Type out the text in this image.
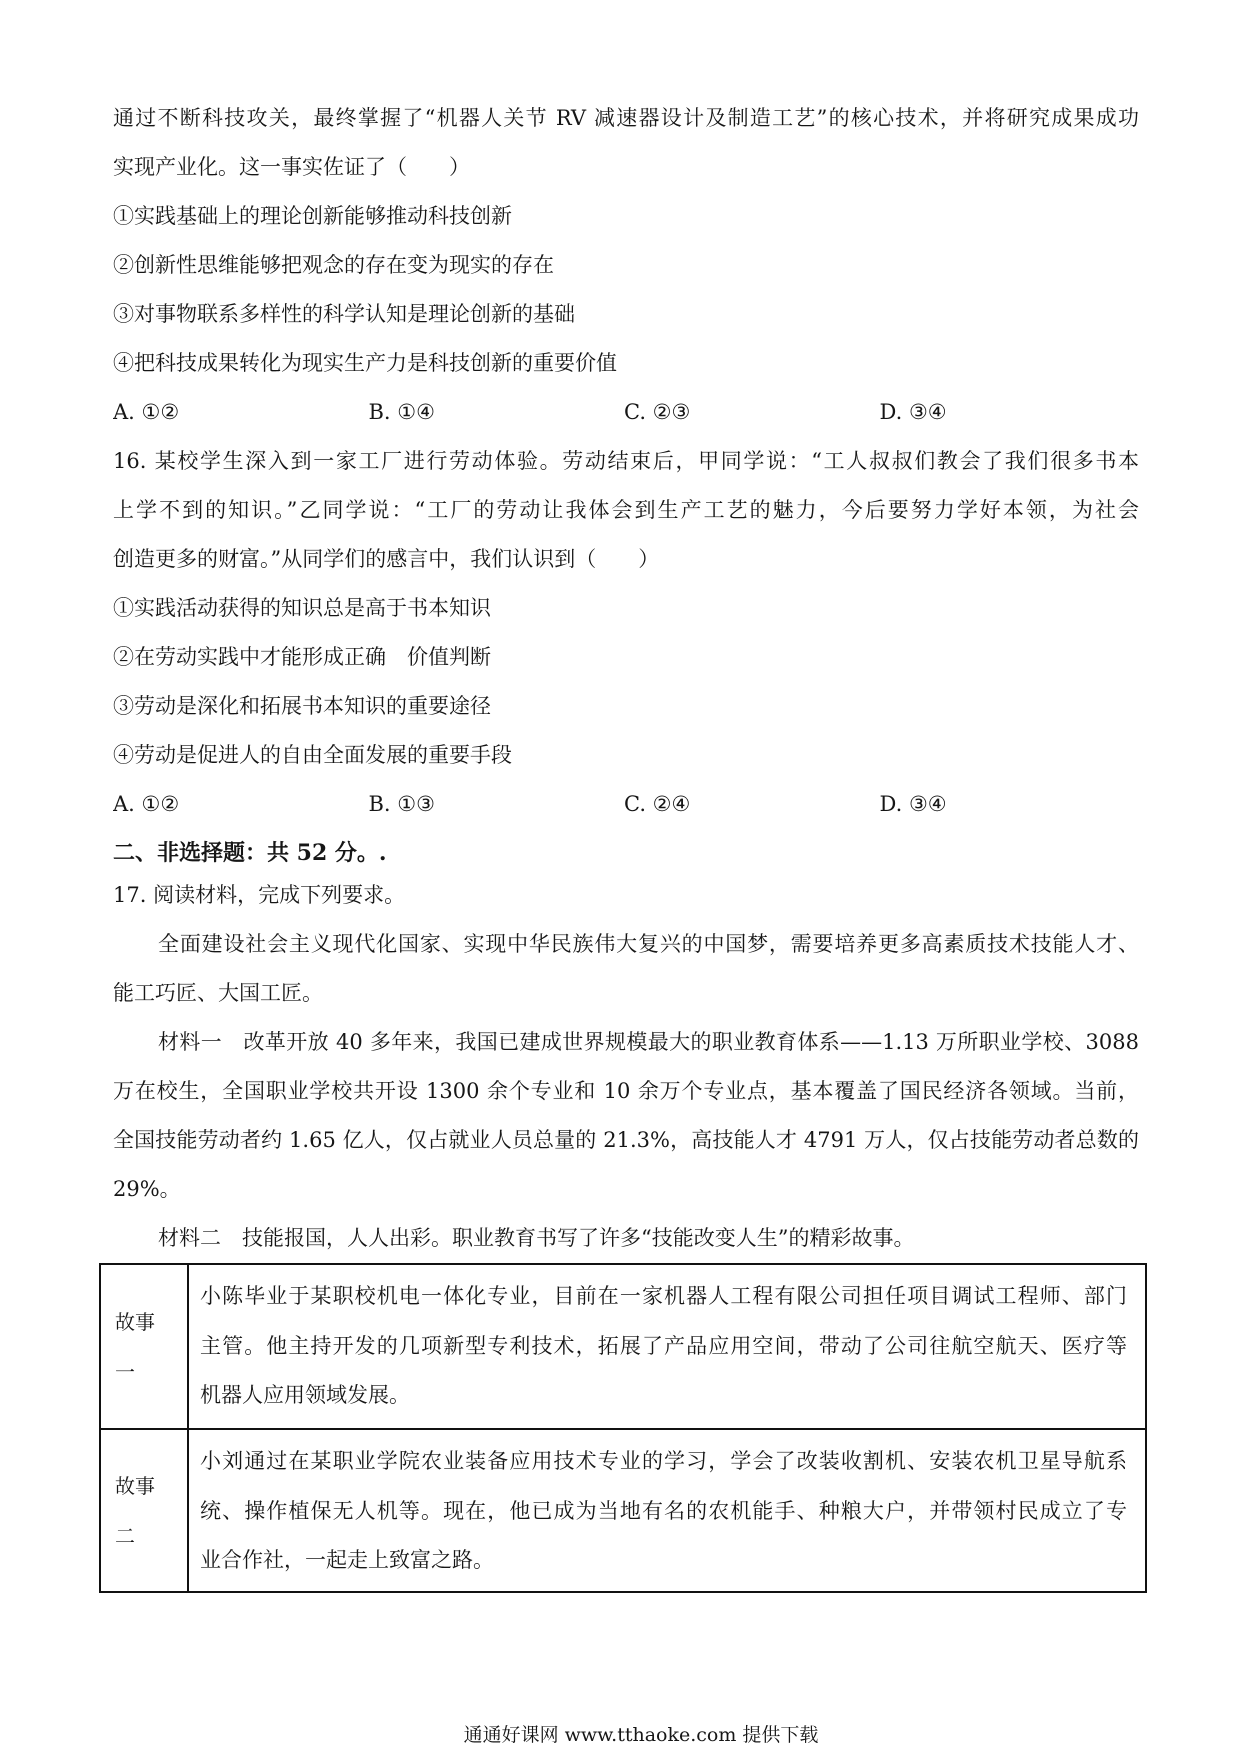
通过不断科技攻关，最终掌握了“机器人关节 RV 减速器设计及制造工艺”的核心技术，并将研究成果成功
实现产业化。这一事实佐证了（　　）
①实践基础上的理论创新能够推动科技创新
②创新性思维能够把观念的存在变为现实的存在
③对事物联系多样性的科学认知是理论创新的基础
④把科技成果转化为现实生产力是科技创新的重要价值
A. ①②	B. ①④	C. ②③	D. ③④
16. 某校学生深入到一家工厂进行劳动体验。劳动结束后，甲同学说：“工人叔叔们教会了我们很多书本
上学不到的知识。”乙同学说：“工厂的劳动让我体会到生产工艺的魅力，今后要努力学好本领，为社会
创造更多的财富。”从同学们的感言中，我们认识到（　　）
①实践活动获得的知识总是高于书本知识
②在劳动实践中才能形成正确　价值判断
③劳动是深化和拓展书本知识的重要途径
④劳动是促进人的自由全面发展的重要手段
A. ①②	B. ①③	C. ②④	D. ③④
二、非选择题：共 52 分。.
17. 阅读材料，完成下列要求。
全面建设社会主义现代化国家、实现中华民族伟大复兴的中国梦，需要培养更多高素质技术技能人才、
能工巧匠、大国工匠。
材料一　改革开放 40 多年来，我国已建成世界规模最大的职业教育体系——1.13 万所职业学校、3088
万在校生，全国职业学校共开设 1300 余个专业和 10 余万个专业点，基本覆盖了国民经济各领域。当前，
全国技能劳动者约 1.65 亿人，仅占就业人员总量的 21.3%，高技能人才 4791 万人，仅占技能劳动者总数的
29%。
材料二　技能报国，人人出彩。职业教育书写了许多“技能改变人生”的精彩故事。
故事一
小陈毕业于某职校机电一体化专业，目前在一家机器人工程有限公司担任项目调试工程师、部门
主管。他主持开发的几项新型专利技术，拓展了产品应用空间，带动了公司往航空航天、医疗等
机器人应用领域发展。
故事二
小刘通过在某职业学院农业装备应用技术专业的学习，学会了改装收割机、安装农机卫星导航系
统、操作植保无人机等。现在，他已成为当地有名的农机能手、种粮大户，并带领村民成立了专
业合作社，一起走上致富之路。
通通好课网 www.tthaoke.com 提供下载
